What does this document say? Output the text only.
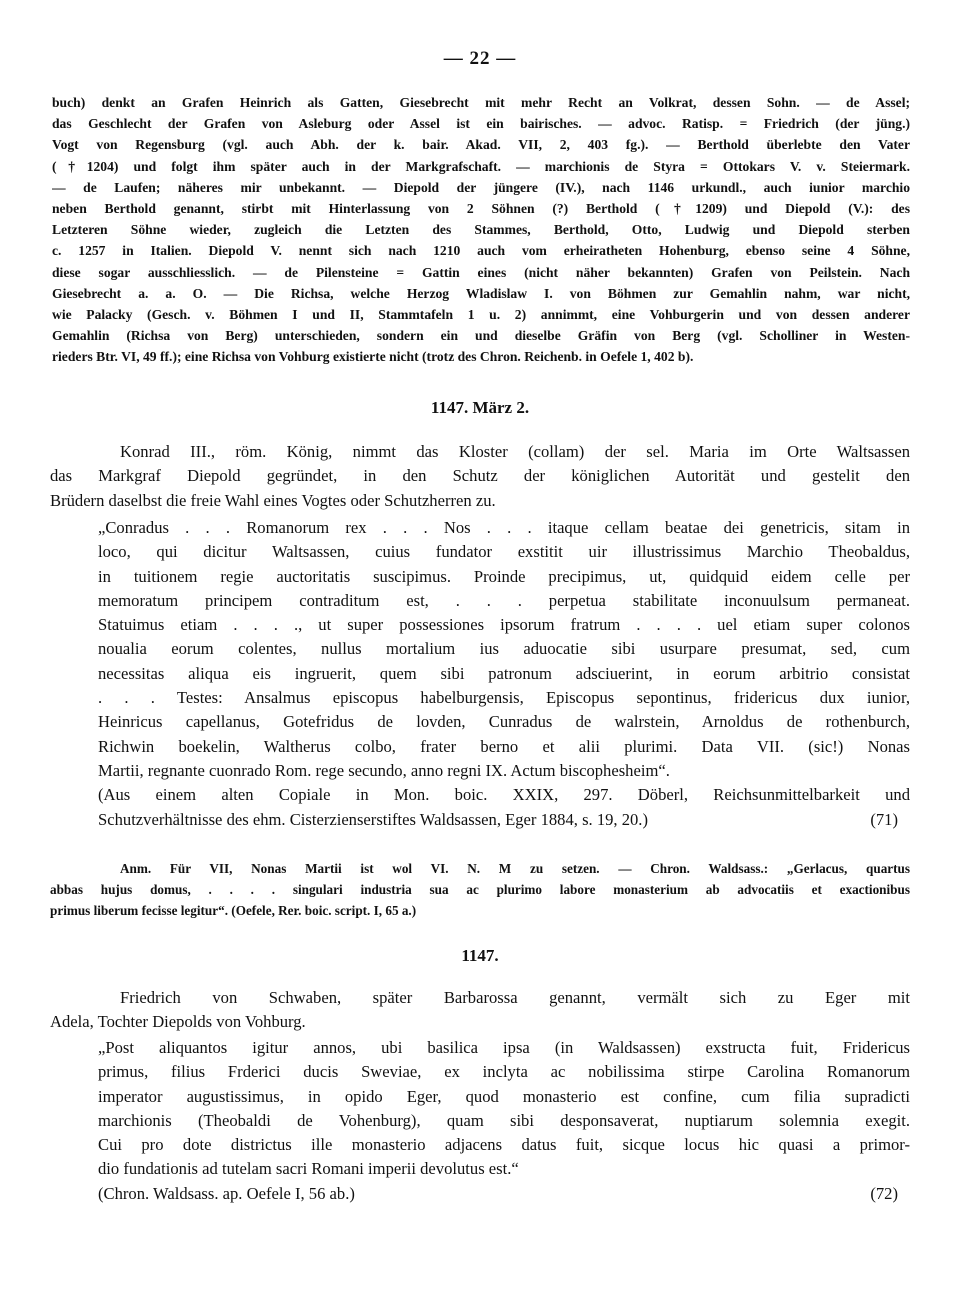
— 22 —
buch) denkt an Grafen Heinrich als Gatten, Giesebrecht mit mehr Recht an Volkrat, dessen Sohn. — de Assel;
das Geschlecht der Grafen von Asleburg oder Assel ist ein bairisches. — advoc. Ratisp. = Friedrich (der jüng.)
Vogt von Regensburg (vgl. auch Abh. der k. bair. Akad. VII, 2, 403 fg.). — Berthold überlebte den Vater
(†1204) und folgt ihm später auch in der Markgrafschaft. — marchionis de Styra = Ottokars V. v. Steiermark.
— de Laufen; näheres mir unbekannt. — Diepold der jüngere (IV.), nach 1146 urkundl., auch iunior marchio
neben Berthold genannt, stirbt mit Hinterlassung von 2 Söhnen (?) Berthold (†1209) und Diepold (V.): des
Letzteren Söhne wieder, zugleich die Letzten des Stammes, Berthold, Otto, Ludwig und Diepold sterben
c. 1257 in Italien. Diepold V. nennt sich nach 1210 auch vom erheiratheten Hohenburg, ebenso seine 4 Söhne,
diese sogar ausschliesslich. — de Pilensteine = Gattin eines (nicht näher bekannten) Grafen von Peilstein. Nach
Giesebrecht a. a. O. — Die Richsa, welche Herzog Wladislaw I. von Böhmen zur Gemahlin nahm, war nicht,
wie Palacky (Gesch. v. Böhmen I und II, Stammtafeln 1 u. 2) annimmt, eine Vohburgerin und von dessen anderer
Gemahlin (Richsa von Berg) unterschieden, sondern ein und dieselbe Gräfin von Berg (vgl. Scholliner in Westen-
rieders Btr. VI, 49 ff.); eine Richsa von Vohburg existierte nicht (trotz des Chron. Reichenb. in Oefele 1, 402 b).
1147. März 2.
Konrad III., röm. König, nimmt das Kloster (collam) der sel. Maria im Orte Waltsassen
das Markgraf Diepold gegründet, in den Schutz der königlichen Autorität und gestelit den
Brüdern daselbst die freie Wahl eines Vogtes oder Schutzherren zu.
„Conradus . . . Romanorum rex . . . Nos . . . itaque cellam beatae dei genetricis, sitam in
loco, qui dicitur Waltsassen, cuius fundator exstitit uir illustrissimus Marchio Theobaldus,
in tuitionem regie auctoritatis suscipimus. Proinde precipimus, ut, quidquid eidem celle per
memoratum principem contraditum est, . . . perpetua stabilitate inconuulsum permaneat.
Statuimus etiam . . . ., ut super possessiones ipsorum fratrum . . . . uel etiam super colonos
noualia eorum colentes, nullus mortalium ius aduocatie sibi usurpare presumat, sed, cum
necessitas aliqua eis ingruerit, quem sibi patronum adsciuerint, in eorum arbitrio consistat
. . . Testes: Ansalmus episcopus habelburgensis, Episcopus sepontinus, fridericus dux iunior,
Heinricus capellanus, Gotefridus de lovden, Cunradus de walrstein, Arnoldus de rothenburch,
Richwin boekelin, Waltherus colbo, frater berno et alii plurimi. Data VII. (sic!) Nonas
Martii, regnante cuonrado Rom. rege secundo, anno regni IX. Actum biscophesheim“.
(Aus einem alten Copiale in Mon. boic. XXIX, 297. Döberl, Reichsunmittelbarkeit und
Schutzverhältnisse des ehm. Cisterzienserstiftes Waldsassen, Eger 1884, s. 19, 20.)	(71)
Anm. Für VII, Nonas Martii ist wol VI. N. M zu setzen. — Chron. Waldsass.: „Gerlacus, quartus
abbas hujus domus, . . . . singulari industria sua ac plurimo labore monasterium ab advocatiis et exactionibus
primus liberum fecisse legitur“. (Oefele, Rer. boic. script. I, 65 a.)
1147.
Friedrich von Schwaben, später Barbarossa genannt, vermält sich zu Eger mit
Adela, Tochter Diepolds von Vohburg.
„Post aliquantos igitur annos, ubi basilica ipsa (in Waldsassen) exstructa fuit, Fridericus
primus, filius Frderici ducis Sweviae, ex inclyta ac nobilissima stirpe Carolina Romanorum
imperator augustissimus, in opido Eger, quod monasterio est confine, cum filia supradicti
marchionis (Theobaldi de Vohenburg), quam sibi desponsaverat, nuptiarum solemnia exegit.
Cui pro dote districtus ille monasterio adjacens datus fuit, sicque locus hic quasi a primor-
dio fundationis ad tutelam sacri Romani imperii devolutus est.“
(Chron. Waldsass. ap. Oefele I, 56 ab.)	(72)
